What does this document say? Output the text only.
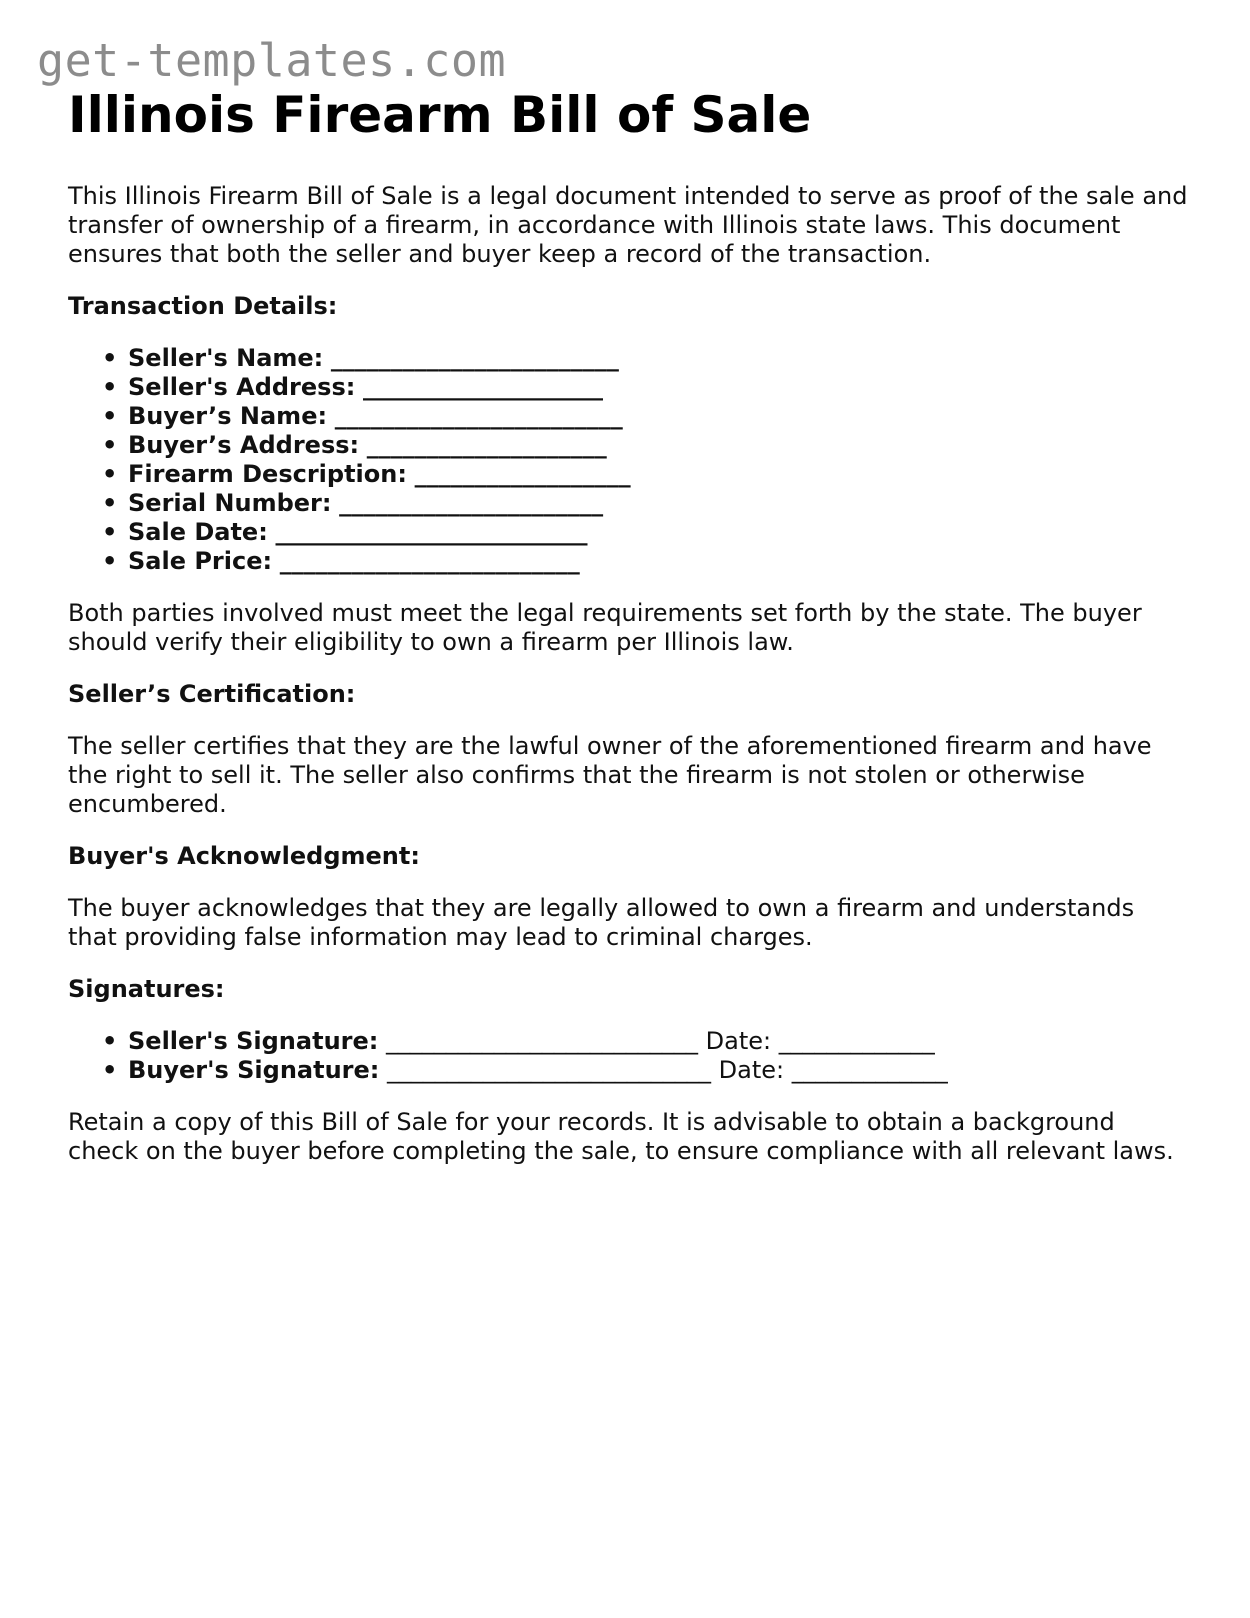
get-templates.com
Illinois Firearm Bill of Sale

This Illinois Firearm Bill of Sale is a legal document intended to serve as proof of the sale and transfer of ownership of a firearm, in accordance with Illinois state laws. This document ensures that both the seller and buyer keep a record of the transaction.

Transaction Details:
• Seller's Name: ________________________
• Seller's Address: ____________________
• Buyer’s Name: ________________________
• Buyer’s Address: ____________________
• Firearm Description: __________________
• Serial Number: ______________________
• Sale Date: __________________________
• Sale Price: _________________________

Both parties involved must meet the legal requirements set forth by the state. The buyer should verify their eligibility to own a firearm per Illinois law.

Seller’s Certification:

The seller certifies that they are the lawful owner of the aforementioned firearm and have the right to sell it. The seller also confirms that the firearm is not stolen or otherwise encumbered.

Buyer's Acknowledgment:

The buyer acknowledges that they are legally allowed to own a firearm and understands that providing false information may lead to criminal charges.

Signatures:
• Seller's Signature: __________________________ Date: _____________
• Buyer's Signature: ___________________________ Date: _____________

Retain a copy of this Bill of Sale for your records. It is advisable to obtain a background check on the buyer before completing the sale, to ensure compliance with all relevant laws.
